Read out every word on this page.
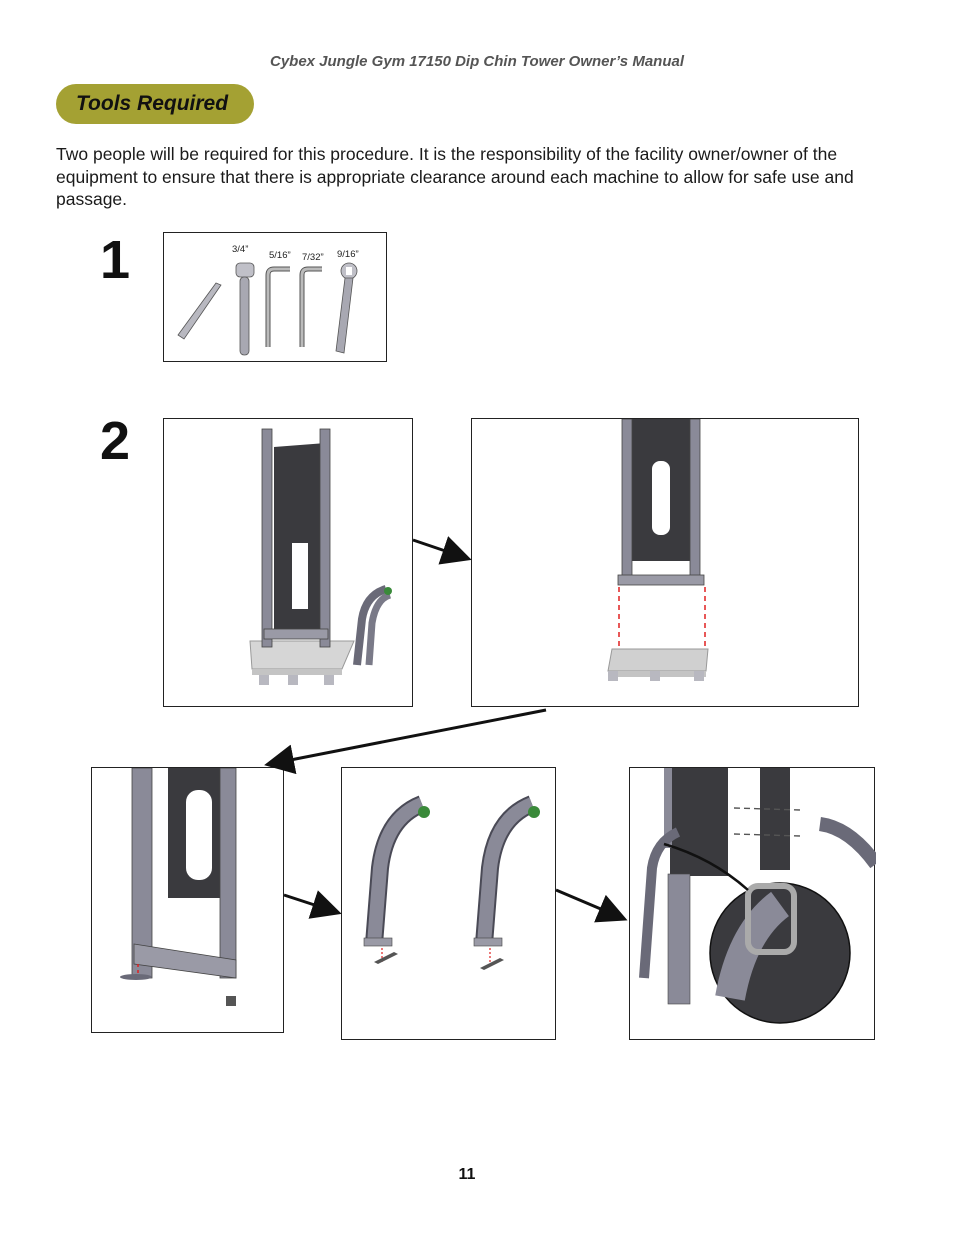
Cybex Jungle Gym 17150 Dip Chin Tower Owner’s Manual
Tools Required
Two people will be required for this procedure. It is the responsibility of the facility owner/owner of the equipment to ensure that there is appropriate clearance around each machine to allow for safe use and passage.
1	3/4”
5/16” 7/32” 9/16”
2
11
